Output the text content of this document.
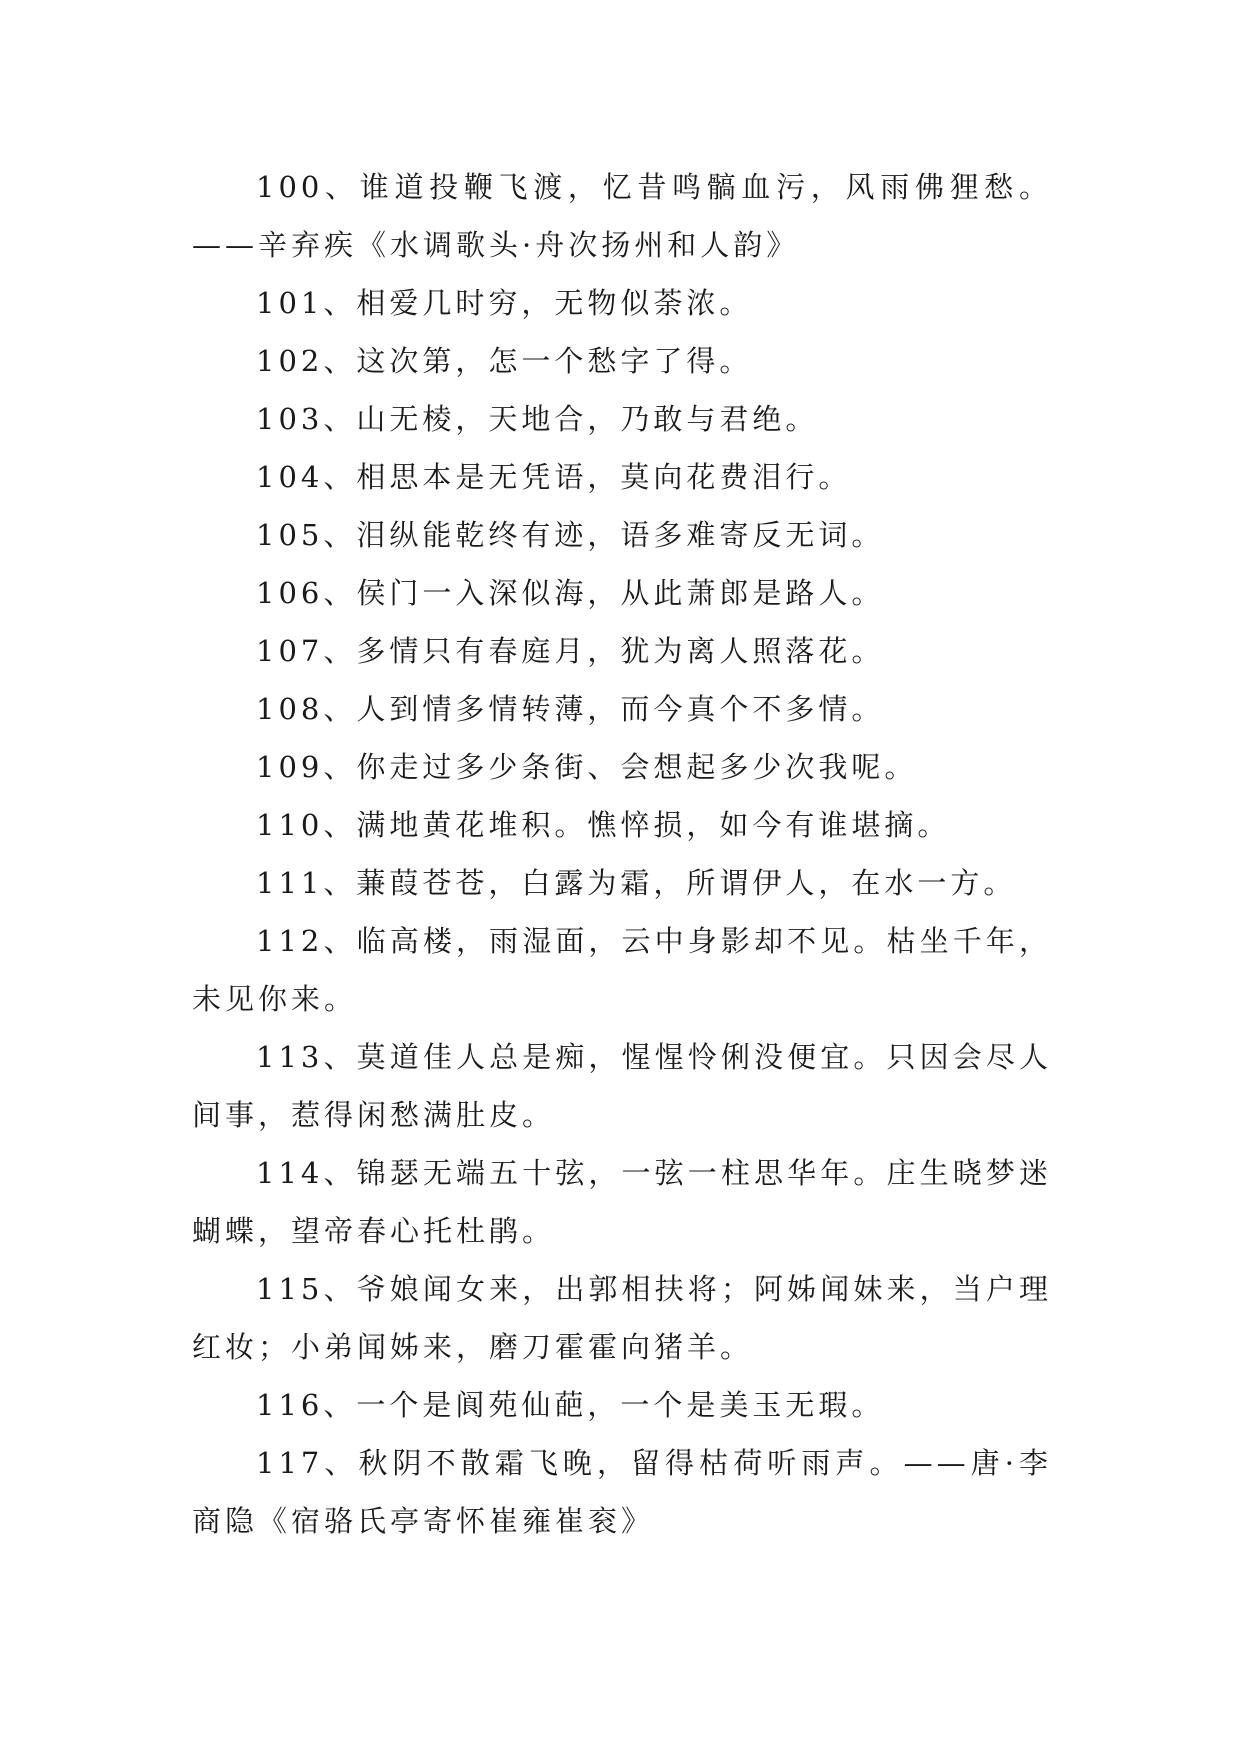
100、谁道投鞭飞渡，忆昔鸣髇血污，风雨佛狸愁。——辛弃疾《水调歌头·舟次扬州和人韵》

101、相爱几时穷，无物似荼浓。

102、这次第，怎一个愁字了得。

103、山无棱，天地合，乃敢与君绝。

104、相思本是无凭语，莫向花费泪行。

105、泪纵能乾终有迹，语多难寄反无词。

106、侯门一入深似海，从此萧郎是路人。

107、多情只有春庭月，犹为离人照落花。

108、人到情多情转薄，而今真个不多情。

109、你走过多少条街、会想起多少次我呢。

110、满地黄花堆积。憔悴损，如今有谁堪摘。

111、蒹葭苍苍，白露为霜，所谓伊人，在水一方。

112、临高楼，雨湿面，云中身影却不见。枯坐千年，未见你来。

113、莫道佳人总是痴，惺惺怜俐没便宜。只因会尽人间事，惹得闲愁满肚皮。

114、锦瑟无端五十弦，一弦一柱思华年。庄生晓梦迷蝴蝶，望帝春心托杜鹃。

115、爷娘闻女来，出郭相扶将；阿姊闻妹来，当户理红妆；小弟闻姊来，磨刀霍霍向猪羊。

116、一个是阆苑仙葩，一个是美玉无瑕。

117、秋阴不散霜飞晚，留得枯荷听雨声。——唐·李商隐《宿骆氏亭寄怀崔雍崔衮》
